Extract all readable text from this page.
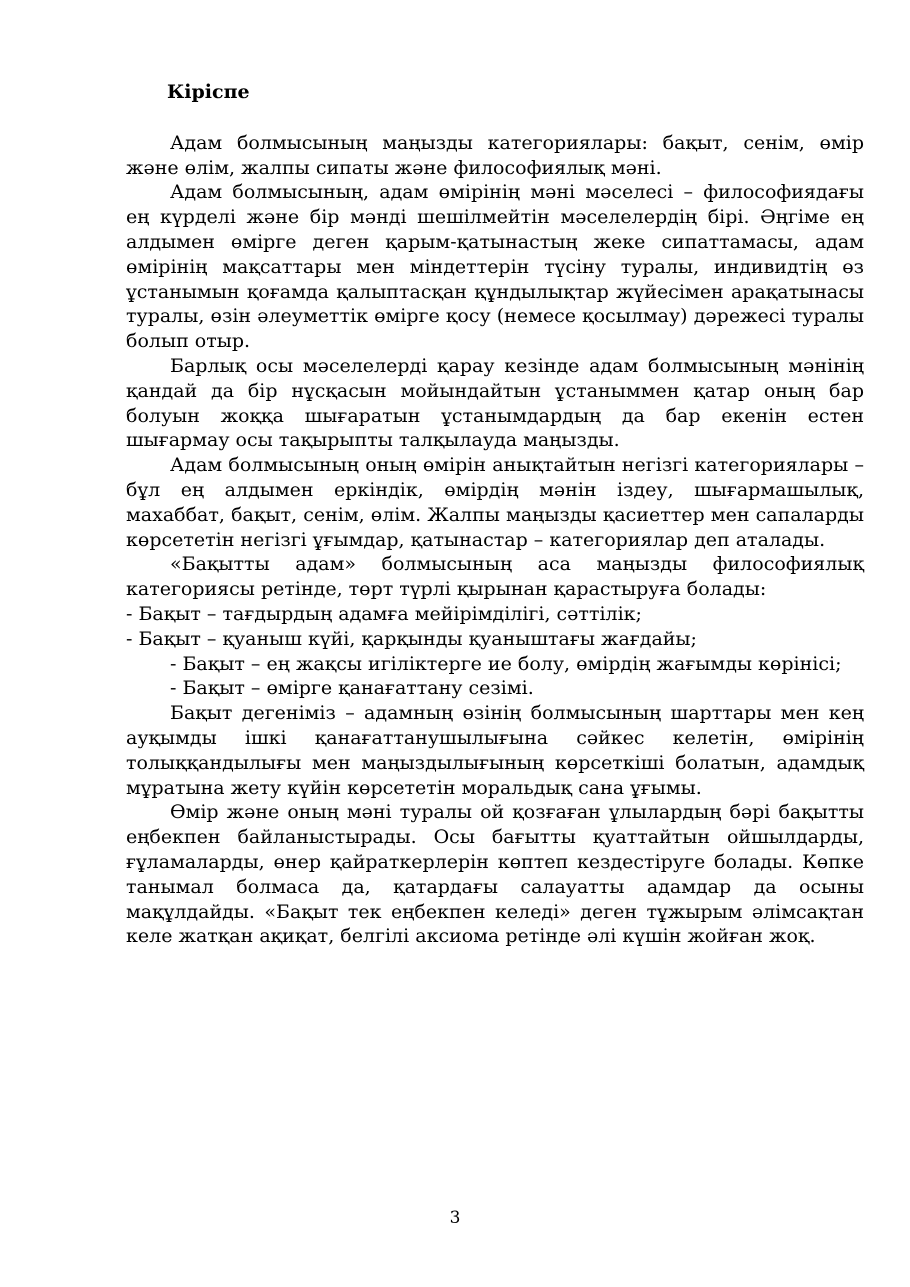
Кіріспе

Адам болмысының маңызды категориялары: бақыт, сенім, өмір және өлім, жалпы сипаты және философиялық мәні.

Адам болмысының, адам өмірінің мәні мәселесі – философиядағы ең күрделі және бір мәнді шешілмейтін мәселелердің бірі. Әңгіме ең алдымен өмірге деген қарым-қатынастың жеке сипаттамасы, адам өмірінің мақсаттары мен міндеттерін түсіну туралы, индивидтің өз ұстанымын қоғамда қалыптасқан құндылықтар жүйесімен арақатынасы туралы, өзін әлеуметтік өмірге қосу (немесе қосылмау) дәрежесі туралы болып отыр.

Барлық осы мәселелерді қарау кезінде адам болмысының мәнінің қандай да бір нұсқасын мойындайтын ұстаныммен қатар оның бар болуын жоққа шығаратын ұстанымдардың да бар екенін естен шығармау осы тақырыпты талқылауда маңызды.

Адам болмысының оның өмірін анықтайтын негізгі категориялары – бұл ең алдымен еркіндік, өмірдің мәнін іздеу, шығармашылық, махаббат, бақыт, сенім, өлім. Жалпы маңызды қасиеттер мен сапаларды көрсететін негізгі ұғымдар, қатынастар – категориялар деп аталады.

«Бақытты адам» болмысының аса маңызды философиялық категориясы ретінде, төрт түрлі қырынан қарастыруға болады:

- Бақыт – тағдырдың адамға мейірімділігі, сәттілік;

- Бақыт – қуаныш күйі, қарқынды қуаныштағы жағдайы;

- Бақыт – ең жақсы игіліктерге ие болу, өмірдің жағымды көрінісі;

- Бақыт – өмірге қанағаттану сезімі.

Бақыт дегеніміз – адамның өзінің болмысының шарттары мен кең ауқымды ішкі қанағаттанушылығына сәйкес келетін, өмірінің толыққандылығы мен маңыздылығының көрсеткіші болатын, адамдық мұратына жету күйін көрсететін моральдық сана ұғымы.

Өмір және оның мәні туралы ой қозғаған ұлылардың бәрі бақытты еңбекпен байланыстырады. Осы бағытты қуаттайтын ойшылдарды, ғұламаларды, өнер қайраткерлерін көптеп кездестіруге болады. Көпке танымал болмаса да, қатардағы салауатты адамдар да осыны мақұлдайды. «Бақыт тек еңбекпен келеді» деген тұжырым әлімсақтан келе жатқан ақиқат, белгілі аксиома ретінде әлі күшін жойған жоқ.

3
